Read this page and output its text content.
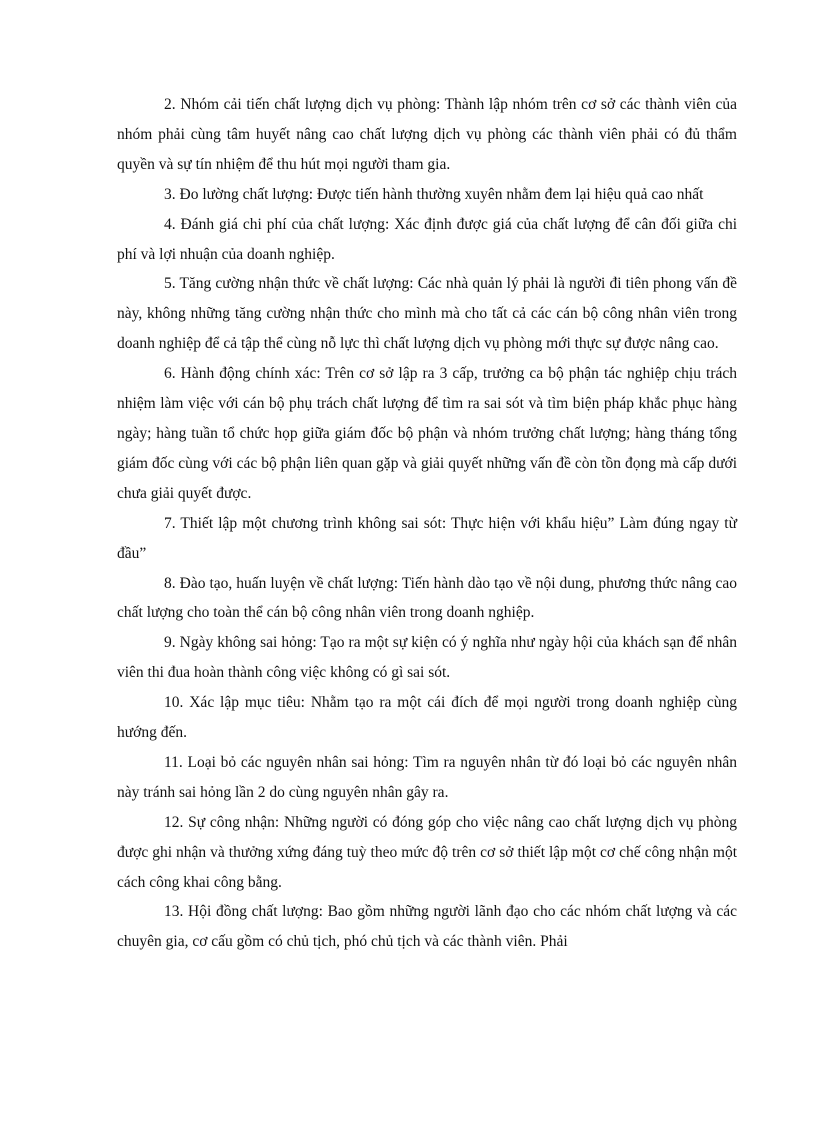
2. Nhóm cải tiến chất lượng dịch vụ phòng: Thành lập nhóm trên cơ sở các thành viên của nhóm phải cùng tâm huyết nâng cao chất lượng dịch vụ phòng các thành viên phải có đủ thẩm quyền và sự tín nhiệm để thu hút mọi người tham gia.

3. Đo lường chất lượng: Được tiến hành thường xuyên nhằm đem lại hiệu quả cao nhất

4. Đánh giá chi phí của chất lượng: Xác định được giá của chất lượng để cân đối giữa chi phí và lợi nhuận của doanh nghiệp.

5. Tăng cường nhận thức về chất lượng: Các nhà quản lý phải là người đi tiên phong vấn đề này, không những tăng cường nhận thức cho mình mà cho tất cả các cán bộ công nhân viên trong doanh nghiệp để cả tập thể cùng nỗ lực thì chất lượng dịch vụ phòng mới thực sự được nâng cao.

6. Hành động chính xác: Trên cơ sở lập ra 3 cấp, trưởng ca bộ phận tác nghiệp chịu trách nhiệm làm việc với cán bộ phụ trách chất lượng để tìm ra sai sót và tìm biện pháp khắc phục hàng ngày; hàng tuần tổ chức họp giữa giám đốc bộ phận và nhóm trưởng chất lượng; hàng tháng tổng giám đốc cùng với các bộ phận liên quan gặp và giải quyết những vấn đề còn tồn đọng mà cấp dưới chưa giải quyết được.

7. Thiết lập một chương trình không sai sót: Thực hiện với khẩu hiệu” Làm đúng ngay từ đầu”

8. Đào tạo, huấn luyện về chất lượng: Tiến hành dào tạo về nội dung, phương thức nâng cao chất lượng cho toàn thể cán bộ công nhân viên trong doanh nghiệp.

9. Ngày không sai hỏng: Tạo ra một sự kiện có ý nghĩa như ngày hội của khách sạn để nhân viên thi đua hoàn thành công việc không có gì sai sót.

10. Xác lập mục tiêu: Nhằm tạo ra một cái đích để mọi người trong doanh nghiệp cùng hướng đến.

11. Loại bỏ các nguyên nhân sai hỏng: Tìm ra nguyên nhân từ đó loại bỏ các nguyên nhân này tránh sai hỏng lần 2 do cùng nguyên nhân gây ra.

12. Sự công nhận: Những người có đóng góp cho việc nâng cao chất lượng dịch vụ phòng được ghi nhận và thưởng xứng đáng tuỳ theo mức độ trên cơ sở thiết lập một cơ chế công nhận một cách công khai công bằng.

13. Hội đồng chất lượng: Bao gồm những người lãnh đạo cho các nhóm chất lượng và các chuyên gia, cơ cấu gồm có chủ tịch, phó chủ tịch và các thành viên. Phải
